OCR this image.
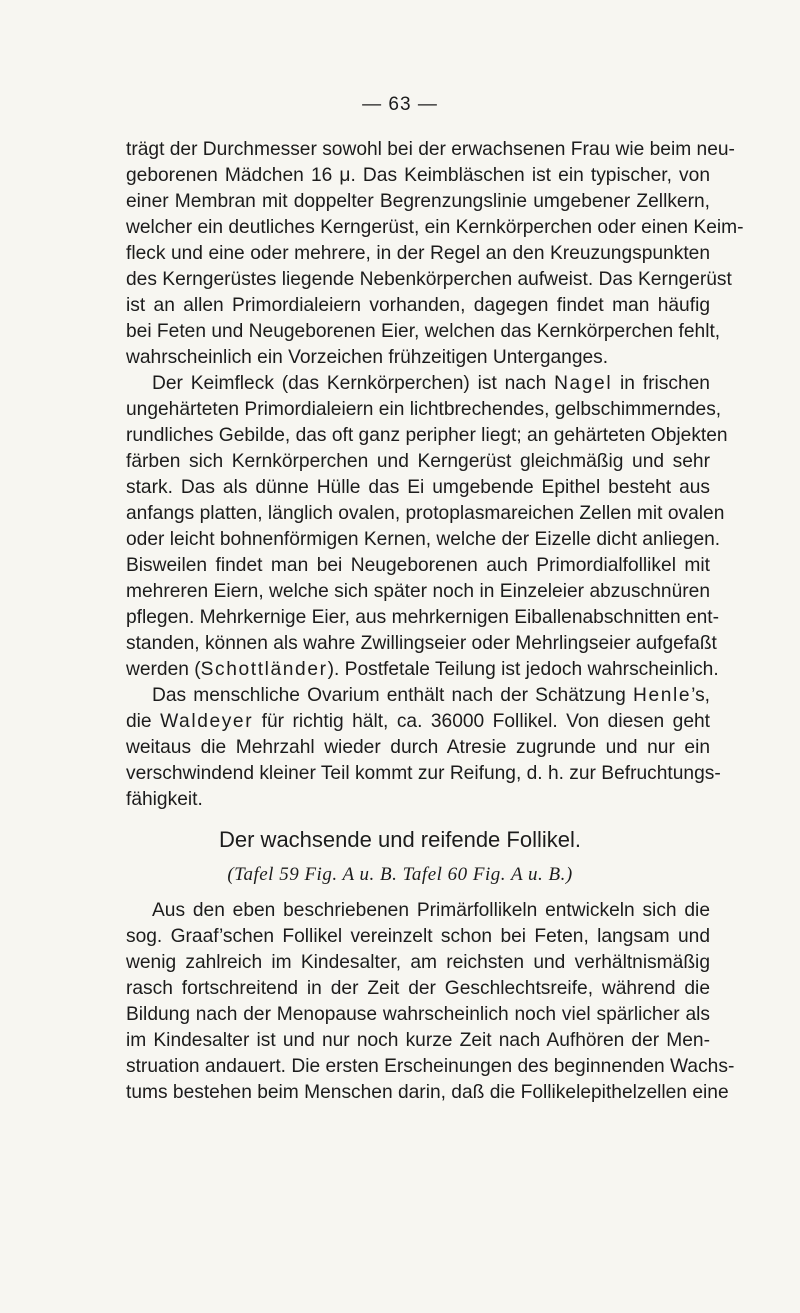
— 63 —
trägt der Durchmesser sowohl bei der erwachsenen Frau wie beim neu-
geborenen Mädchen 16 μ. Das Keimbläschen ist ein typischer, von
einer Membran mit doppelter Begrenzungslinie umgebener Zellkern,
welcher ein deutliches Kerngerüst, ein Kernkörperchen oder einen Keim-
fleck und eine oder mehrere, in der Regel an den Kreuzungspunkten
des Kerngerüstes liegende Nebenkörperchen aufweist. Das Kerngerüst
ist an allen Primordialeiern vorhanden, dagegen findet man häufig
bei Feten und Neugeborenen Eier, welchen das Kernkörperchen fehlt,
wahrscheinlich ein Vorzeichen frühzeitigen Unterganges.
Der Keimfleck (das Kernkörperchen) ist nach Nagel in frischen
ungehärteten Primordialeiern ein lichtbrechendes, gelbschimmerndes,
rundliches Gebilde, das oft ganz peripher liegt; an gehärteten Objekten
färben sich Kernkörperchen und Kerngerüst gleichmäßig und sehr
stark. Das als dünne Hülle das Ei umgebende Epithel besteht aus
anfangs platten, länglich ovalen, protoplasmareichen Zellen mit ovalen
oder leicht bohnenförmigen Kernen, welche der Eizelle dicht anliegen.
Bisweilen findet man bei Neugeborenen auch Primordialfollikel mit
mehreren Eiern, welche sich später noch in Einzeleier abzuschnüren
pflegen. Mehrkernige Eier, aus mehrkernigen Eiballenabschnitten ent-
standen, können als wahre Zwillingseier oder Mehrlingseier aufgefaßt
werden (Schottländer). Postfetale Teilung ist jedoch wahrscheinlich.
Das menschliche Ovarium enthält nach der Schätzung Henle’s,
die Waldeyer für richtig hält, ca. 36000 Follikel. Von diesen geht
weitaus die Mehrzahl wieder durch Atresie zugrunde und nur ein
verschwindend kleiner Teil kommt zur Reifung, d. h. zur Befruchtungs-
fähigkeit.
Der wachsende und reifende Follikel.
(Tafel 59 Fig. A u. B. Tafel 60 Fig. A u. B.)
Aus den eben beschriebenen Primärfollikeln entwickeln sich die
sog. Graaf’schen Follikel vereinzelt schon bei Feten, langsam und
wenig zahlreich im Kindesalter, am reichsten und verhältnismäßig
rasch fortschreitend in der Zeit der Geschlechtsreife, während die
Bildung nach der Menopause wahrscheinlich noch viel spärlicher als
im Kindesalter ist und nur noch kurze Zeit nach Aufhören der Men-
struation andauert. Die ersten Erscheinungen des beginnenden Wachs-
tums bestehen beim Menschen darin, daß die Follikelepithelzellen eine
